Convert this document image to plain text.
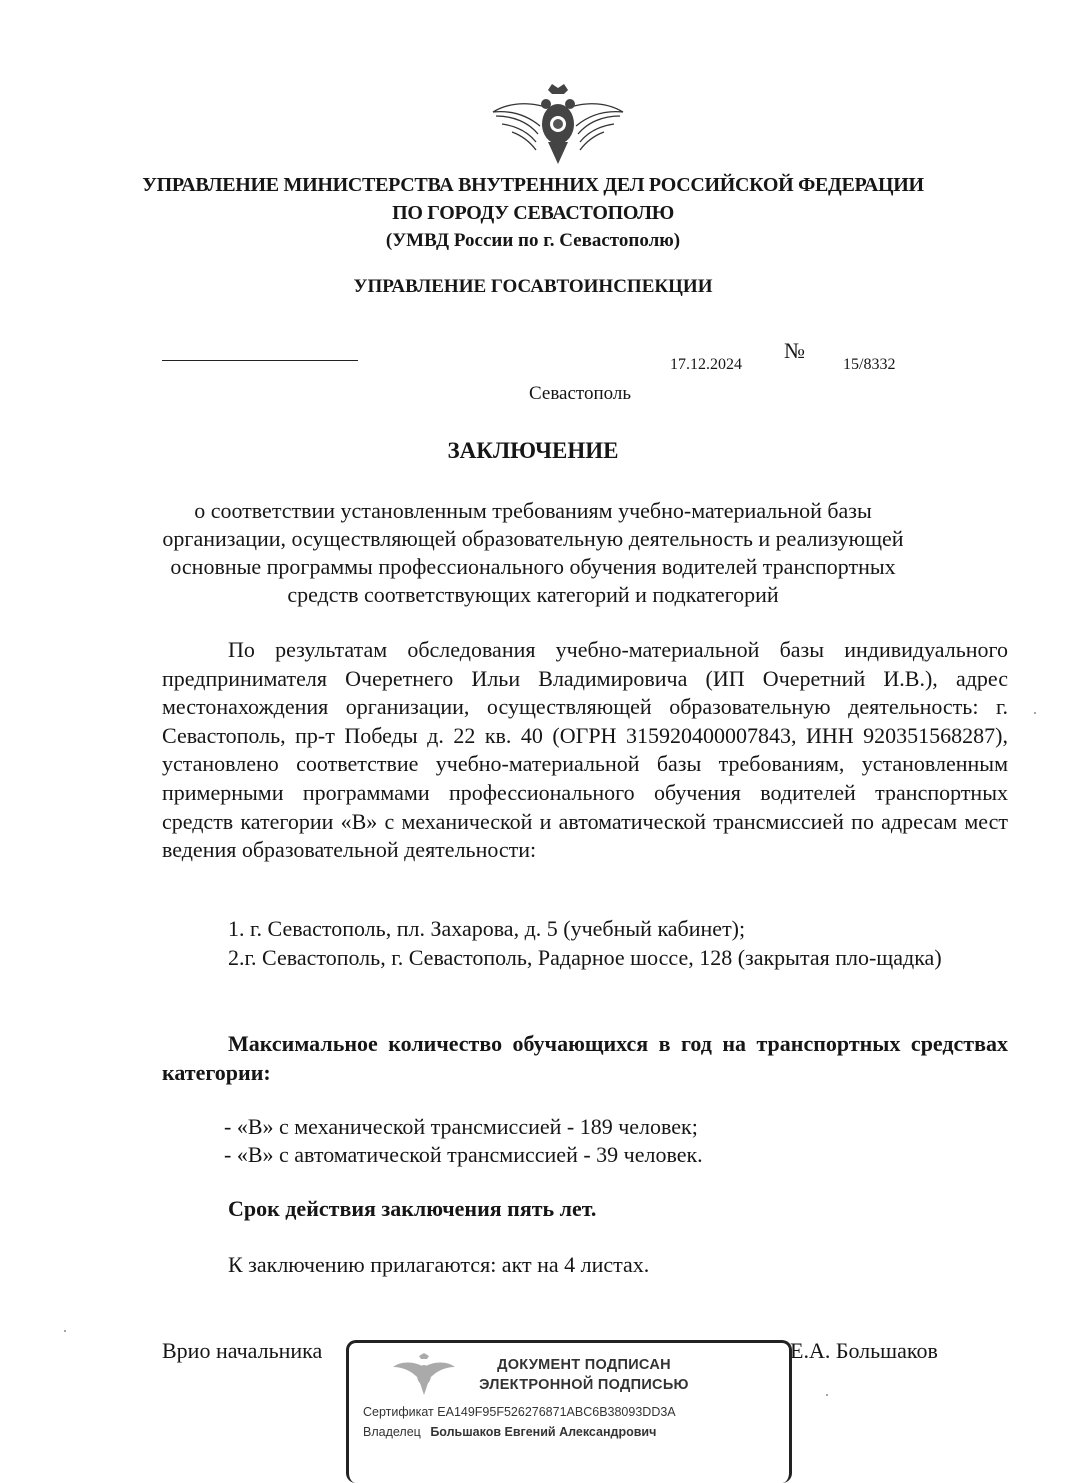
УПРАВЛЕНИЕ МИНИСТЕРСТВА ВНУТРЕННИХ ДЕЛ РОССИЙСКОЙ ФЕДЕРАЦИИ
ПО ГОРОДУ СЕВАСТОПОЛЮ
(УМВД России по г. Севастополю)
УПРАВЛЕНИЕ ГОСАВТОИНСПЕКЦИИ
17.12.2024
№
15/8332
Севастополь
ЗАКЛЮЧЕНИЕ
о соответствии установленным требованиям учебно-материальной базы
организации, осуществляющей образовательную деятельность и реализующей
основные программы профессионального обучения водителей транспортных
средств соответствующих категорий и подкатегорий
По результатам обследования учебно-материальной базы индивидуального предпринимателя Очеретнего Ильи Владимировича (ИП Очеретний И.В.), адрес местонахождения организации, осуществляющей образовательную деятельность: г. Севастополь, пр-т Победы д. 22 кв. 40 (ОГРН 315920400007843, ИНН 920351568287), установлено соответствие учебно-материальной базы требованиям, установленным примерными программами профессионального обучения водителей транспортных средств категории «В» с механической и автоматической трансмиссией по адресам мест ведения образовательной деятельности:
1. г. Севастополь, пл. Захарова, д. 5 (учебный кабинет);
2.г. Севастополь, г. Севастополь, Радарное шоссе, 128 (закрытая пло-щадка)
Максимальное количество обучающихся в год на транспортных средствах категории:
- «В» с механической трансмиссией - 189 человек;
- «В» с автоматической трансмиссией - 39 человек.
Срок действия заключения пять лет.
К заключению прилагаются: акт на 4 листах.
Врио начальника	Е.А. Большаков
ДОКУМЕНТ ПОДПИСАН
ЭЛЕКТРОННОЙ ПОДПИСЬЮ
Сертификат EA149F95F526276871ABC6B38093DD3A
Владелец Большаков Евгений Александрович
